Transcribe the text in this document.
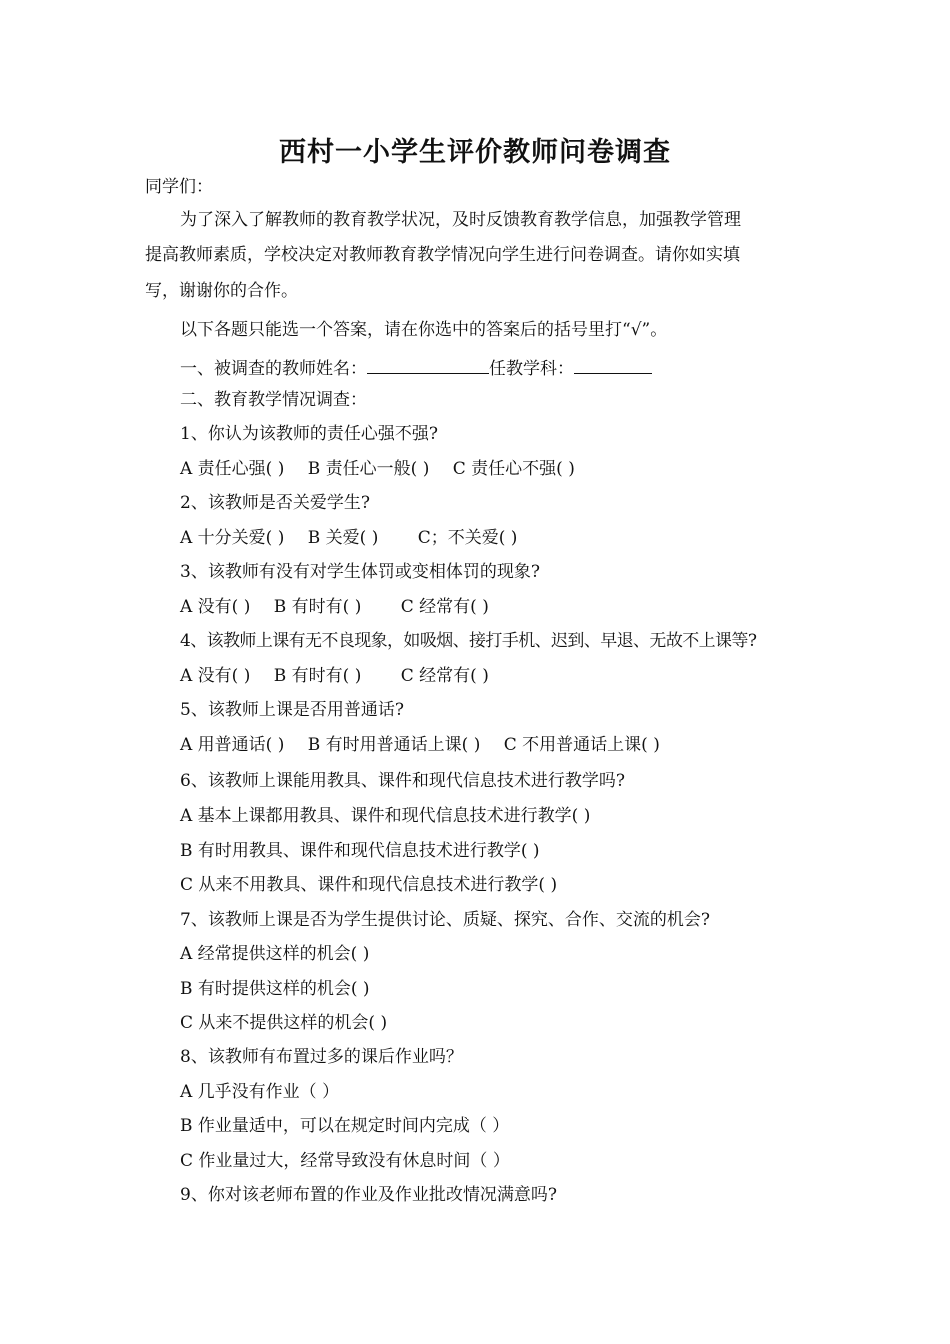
西村一小学生评价教师问卷调查
同学们：
为了深入了解教师的教育教学状况，及时反馈教育教学信息，加强教学管理
提高教师素质，学校决定对教师教育教学情况向学生进行问卷调查。请你如实填
写，谢谢你的合作。
以下各题只能选一个答案，请在你选中的答案后的括号里打“√”。
一、被调查的教师姓名：	任教学科：
二、教育教学情况调查：
1、你认为该教师的责任心强不强?
A 责任心强( ) B 责任心一般( ) C 责任心不强( )
2、该教师是否关爱学生?
A 十分关爱( ) B 关爱( ) C；不关爱( )
3、该教师有没有对学生体罚或变相体罚的现象?
A 没有( ) B 有时有( ) C 经常有( )
4、该教师上课有无不良现象，如吸烟、接打手机、迟到、早退、无故不上课等?
A 没有( ) B 有时有( ) C 经常有( )
5、该教师上课是否用普通话?
A 用普通话( ) B 有时用普通话上课( ) C 不用普通话上课( )
6、该教师上课能用教具、课件和现代信息技术进行教学吗?
A 基本上课都用教具、课件和现代信息技术进行教学( )
B 有时用教具、课件和现代信息技术进行教学( )
C 从来不用教具、课件和现代信息技术进行教学( )
7、该教师上课是否为学生提供讨论、质疑、探究、合作、交流的机会?
A 经常提供这样的机会( )
B 有时提供这样的机会( )
C 从来不提供这样的机会( )
8、该教师有布置过多的课后作业吗？
A 几乎没有作业（ ）
B 作业量适中，可以在规定时间内完成（ ）
C 作业量过大，经常导致没有休息时间（ ）
9、你对该老师布置的作业及作业批改情况满意吗?
